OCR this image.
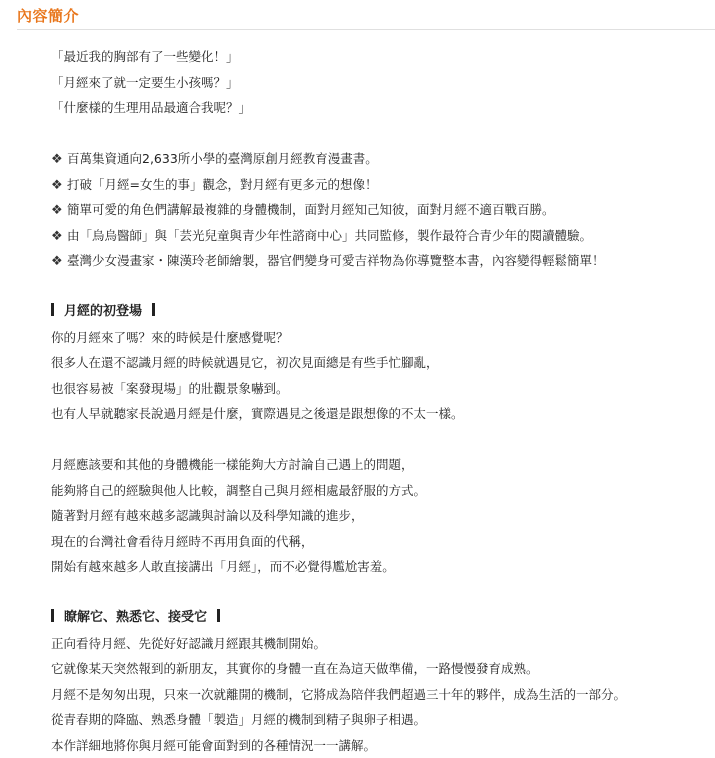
內容簡介
「最近我的胸部有了一些變化！」
「月經來了就一定要生小孩嗎？」
「什麼樣的生理用品最適合我呢？」
❖ 百萬集資通向2,633所小學的臺灣原創月經教育漫畫書。
❖ 打破「月經=女生的事」觀念，對月經有更多元的想像！
❖ 簡單可愛的角色們講解最複雜的身體機制，面對月經知己知彼，面對月經不適百戰百勝。
❖ 由「烏烏醫師」與「芸光兒童與青少年性諮商中心」共同監修，製作最符合青少年的閱讀體驗。
❖ 臺灣少女漫畫家・陳漢玲老師繪製，器官們變身可愛吉祥物為你導覽整本書，內容變得輕鬆簡單！
月經的初登場
你的月經來了嗎？來的時候是什麼感覺呢？
很多人在還不認識月經的時候就遇見它，初次見面總是有些手忙腳亂，
也很容易被「案發現場」的壯觀景象嚇到。
也有人早就聽家長說過月經是什麼，實際遇見之後還是跟想像的不太一樣。
月經應該要和其他的身體機能一樣能夠大方討論自己遇上的問題，
能夠將自己的經驗與他人比較，調整自己與月經相處最舒服的方式。
隨著對月經有越來越多認識與討論以及科學知識的進步，
現在的台灣社會看待月經時不再用負面的代稱，
開始有越來越多人敢直接講出「月經」，而不必覺得尷尬害羞。
瞭解它、熟悉它、接受它
正向看待月經、先從好好認識月經跟其機制開始。
它就像某天突然報到的新朋友，其實你的身體一直在為這天做準備，一路慢慢發育成熟。
月經不是匆匆出現，只來一次就離開的機制，它將成為陪伴我們超過三十年的夥伴，成為生活的一部分。
從青春期的降臨、熟悉身體「製造」月經的機制到精子與卵子相遇。
本作詳細地將你與月經可能會面對到的各種情況一一講解。
